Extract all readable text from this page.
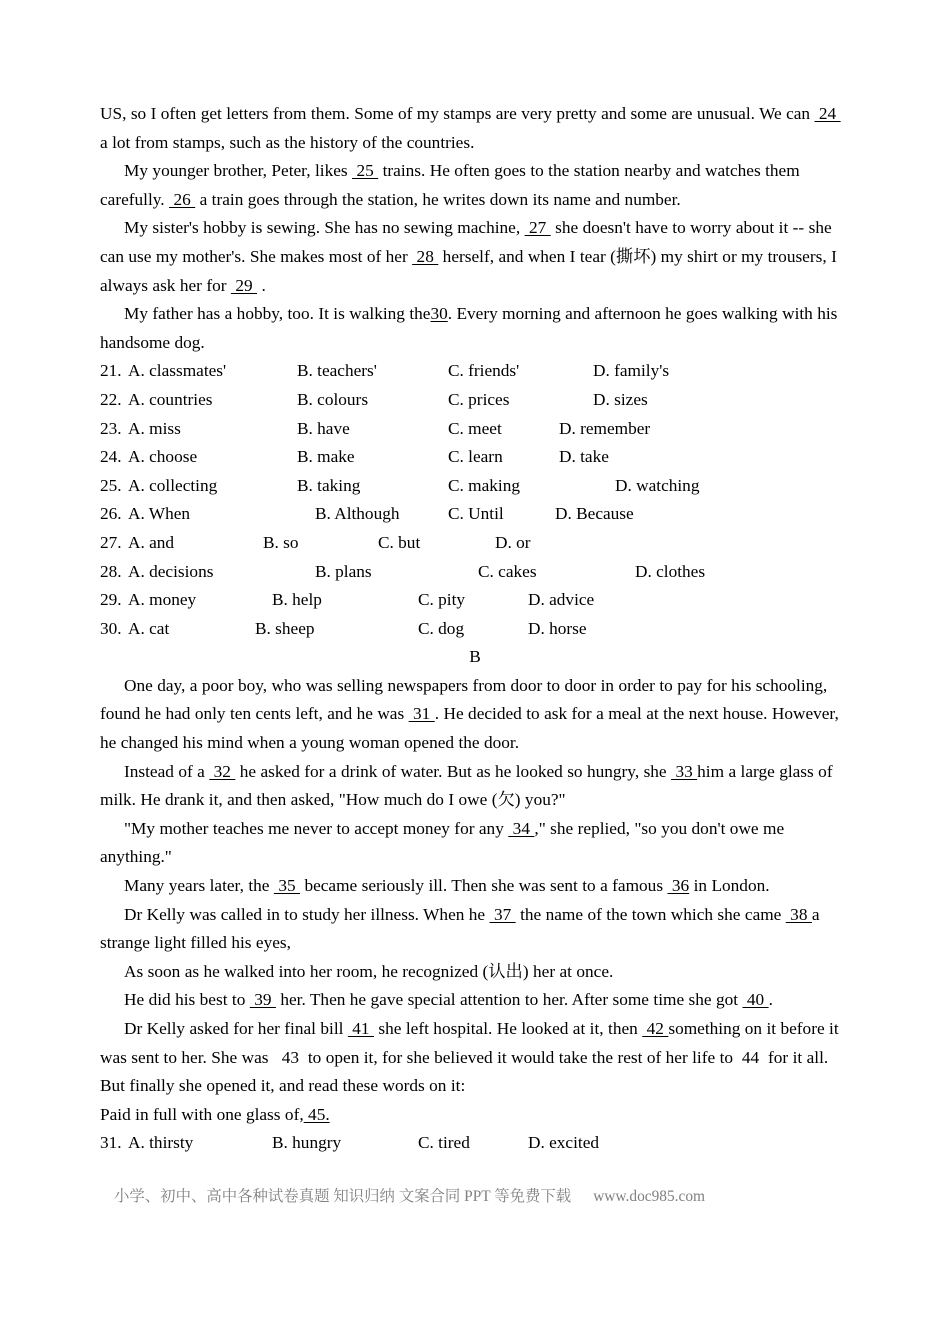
US, so I often get letters from them. Some of my stamps are very pretty and some are unusual. We can  24  a lot from stamps, such as the history of the countries.

My younger brother, Peter, likes  25  trains. He often goes to the station nearby and watches them carefully.  26  a train goes through the station, he writes down its name and number.

My sister's hobby is sewing. She has no sewing machine,  27  she doesn't have to worry about it -- she can use my mother's. She makes most of her  28  herself, and when I tear (撕坏) my shirt or my trousers, I always ask her for  29  .

My father has a hobby, too. It is walking the30. Every morning and afternoon he goes walking with his handsome dog.

21. A. classmates'	B. teachers'	C. friends'	D. family's
22. A. countries	B. colours	C. prices	D. sizes
23. A. miss	B. have	C. meet	D. remember
24. A. choose	B. make	C. learn	D. take
25. A. collecting	B. taking	C. making	D. watching
26. A. When	B. Although	C. Until	D. Because
27. A. and	B. so	C. but	D. or
28. A. decisions	B. plans	C. cakes	D. clothes
29. A. money	B. help	C. pity	D. advice
30. A. cat	B. sheep	C. dog	D. horse

B

One day, a poor boy, who was selling newspapers from door to door in order to pay for his schooling, found he had only ten cents left, and he was  31 . He decided to ask for a meal at the next house. However, he changed his mind when a young woman opened the door.

Instead of a  32  he asked for a drink of water. But as he looked so hungry, she  33 him a large glass of milk. He drank it, and then asked, "How much do I owe (欠) you?"

"My mother teaches me never to accept money for any  34 ," she replied, "so you don't owe me anything."

Many years later, the  35  became seriously ill. Then she was sent to a famous  36 in London.

Dr Kelly was called in to study her illness. When he  37  the name of the town which she came  38 a strange light filled his eyes,

As soon as he walked into her room, he recognized (认出) her at once.

He did his best to  39  her. Then he gave special attention to her. After some time she got  40 .

Dr Kelly asked for her final bill  41  she left hospital. He looked at it, then  42 something on it before it was sent to her. She was   43  to open it, for she believed it would take the rest of her life to  44  for it all. But finally she opened it, and read these words on it:

Paid in full with one glass of, 45.

31. A. thirsty	B. hungry	C. tired	D. excited
小学、初中、高中各种试卷真题 知识归纳 文案合同 PPT 等免费下载 www.doc985.com
